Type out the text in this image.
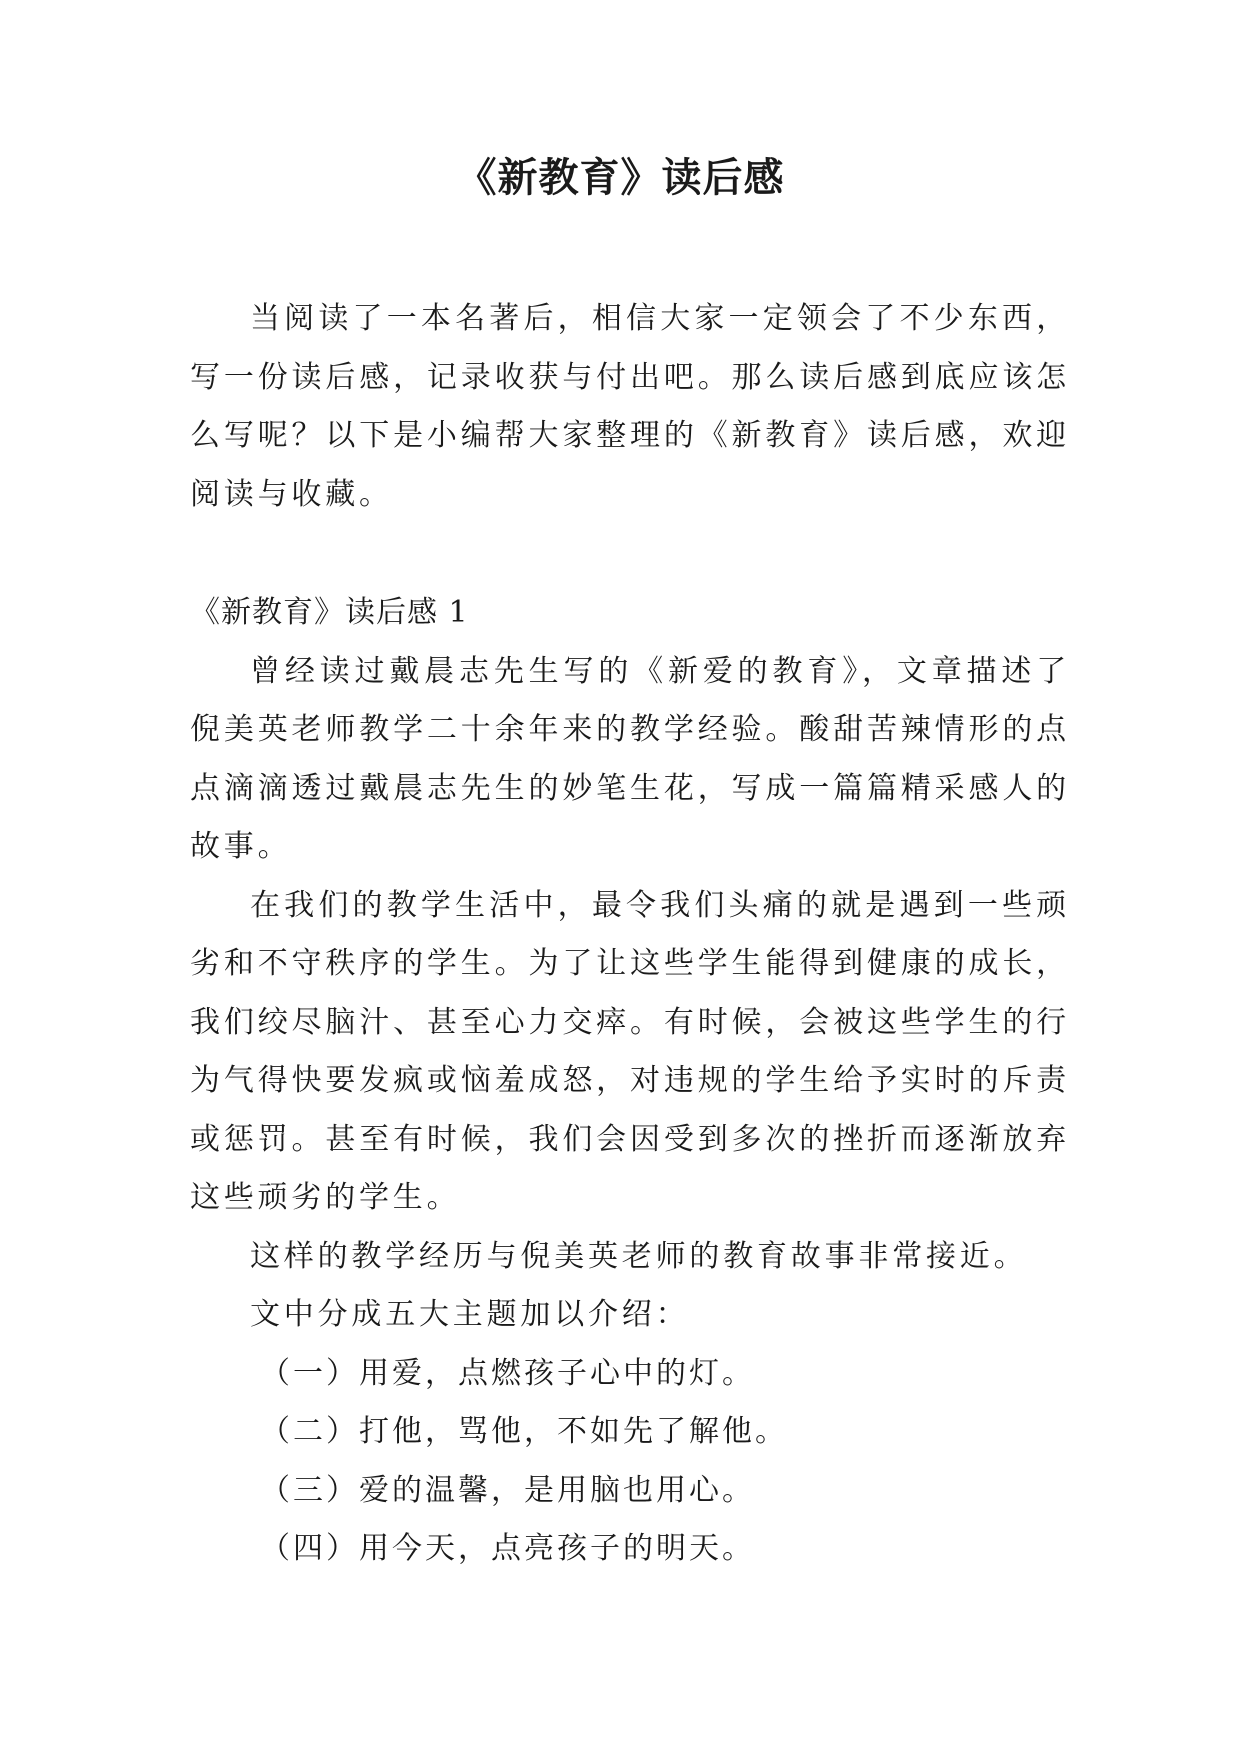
《新教育》读后感

当阅读了一本名著后，相信大家一定领会了不少东西，写一份读后感，记录收获与付出吧。那么读后感到底应该怎么写呢？以下是小编帮大家整理的《新教育》读后感，欢迎阅读与收藏。

《新教育》读后感 1

曾经读过戴晨志先生写的《新爱的教育》，文章描述了倪美英老师教学二十余年来的教学经验。酸甜苦辣情形的点点滴滴透过戴晨志先生的妙笔生花，写成一篇篇精采感人的故事。

在我们的教学生活中，最令我们头痛的就是遇到一些顽劣和不守秩序的学生。为了让这些学生能得到健康的成长，我们绞尽脑汁、甚至心力交瘁。有时候，会被这些学生的行为气得快要发疯或恼羞成怒，对违规的学生给予实时的斥责或惩罚。甚至有时候，我们会因受到多次的挫折而逐渐放弃这些顽劣的学生。

这样的教学经历与倪美英老师的教育故事非常接近。

文中分成五大主题加以介绍：

（一）用爱，点燃孩子心中的灯。

（二）打他，骂他，不如先了解他。

（三）爱的温馨，是用脑也用心。

（四）用今天，点亮孩子的明天。
